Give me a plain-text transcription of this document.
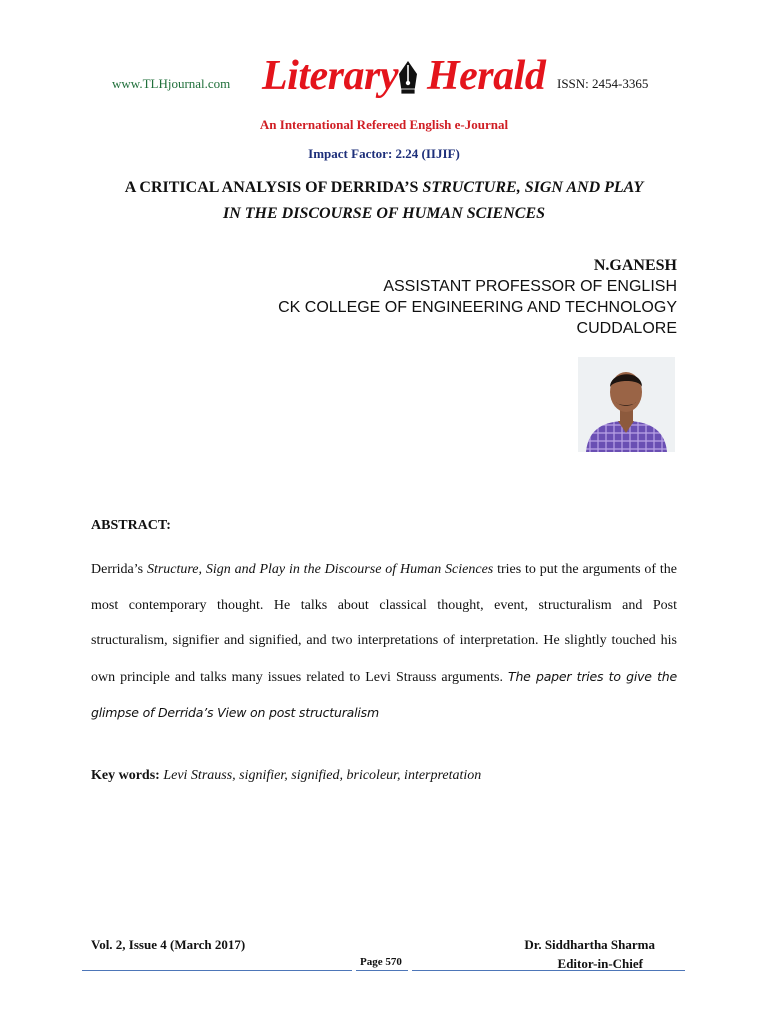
www.TLHjournal.com Literary Herald ISSN: 2454-3365
An International Refereed English e-Journal
Impact Factor: 2.24 (IIJIF)
A CRITICAL ANALYSIS OF DERRIDA’S STRUCTURE, SIGN AND PLAY
IN THE DISCOURSE OF HUMAN SCIENCES
N.GANESH
ASSISTANT PROFESSOR OF ENGLISH
CK COLLEGE OF ENGINEERING AND TECHNOLOGY
CUDDALORE
ABSTRACT:
Derrida’s Structure, Sign and Play in the Discourse of Human Sciences tries to put the arguments of the most contemporary thought. He talks about classical thought, event, structuralism and Post structuralism, signifier and signified, and two interpretations of interpretation. He slightly touched his own principle and talks many issues related to Levi Strauss arguments. The paper tries to give the glimpse of Derrida’s View on post structuralism
Key words: Levi Strauss, signifier, signified, bricoleur, interpretation
Vol. 2, Issue 4 (March 2017)	Dr. Siddhartha Sharma
Editor-in-Chief
Page 570
